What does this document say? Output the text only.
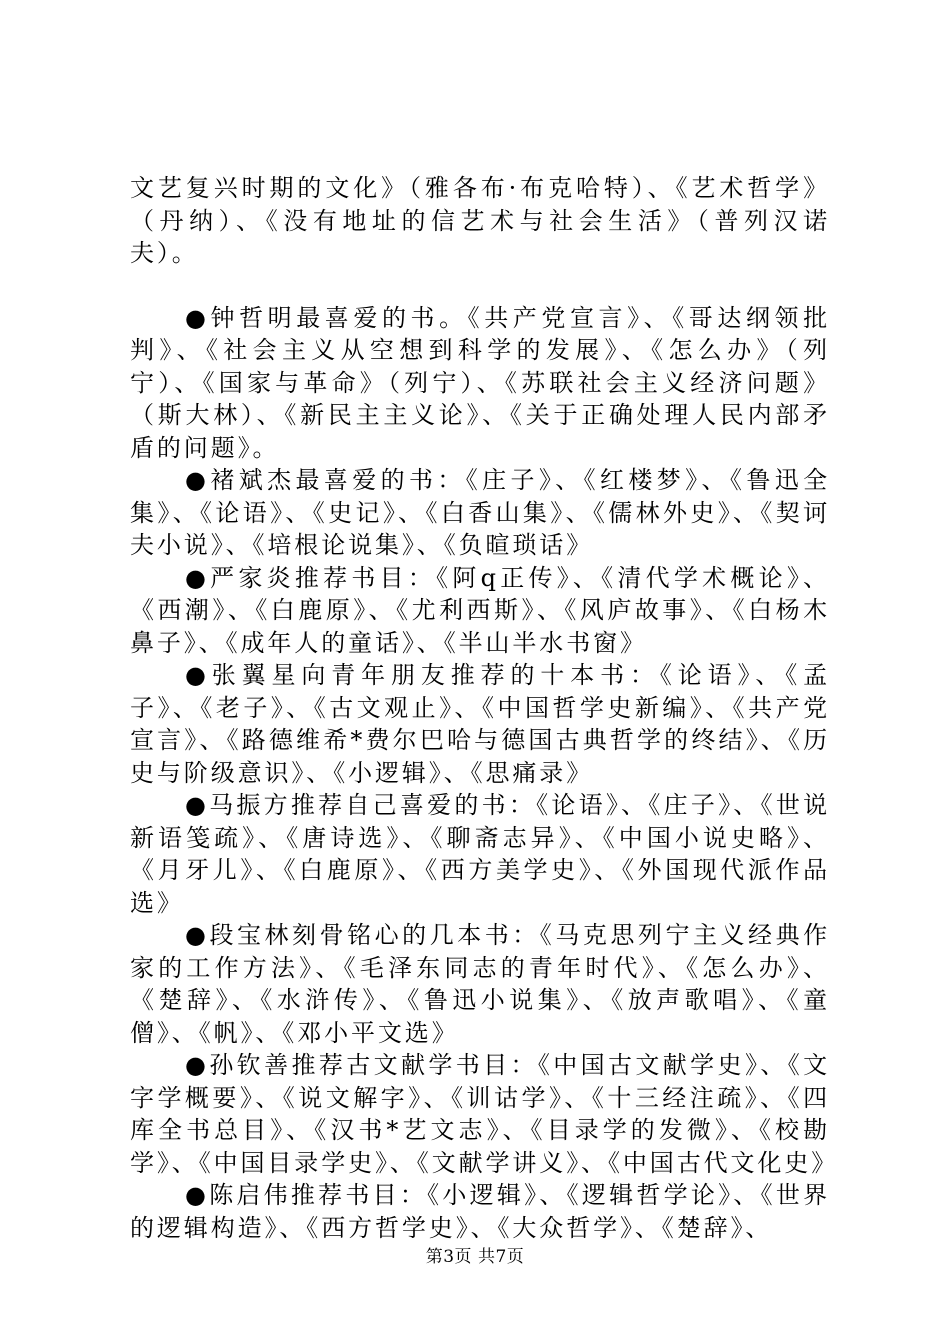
文艺复兴时期的文化》（雅各布·布克哈特）、《艺术哲学》（丹纳）、《没有地址的信艺术与社会生活》（普列汉诺夫）。

●钟哲明最喜爱的书。《共产党宣言》、《哥达纲领批判》、《社会主义从空想到科学的发展》、《怎么办》（列宁）、《国家与革命》（列宁）、《苏联社会主义经济问题》（斯大林）、《新民主主义论》、《关于正确处理人民内部矛盾的问题》。

●褚斌杰最喜爱的书：《庄子》、《红楼梦》、《鲁迅全集》、《论语》、《史记》、《白香山集》、《儒林外史》、《契诃夫小说》、《培根论说集》、《负暄琐话》

●严家炎推荐书目：《阿q正传》、《清代学术概论》、《西潮》、《白鹿原》、《尤利西斯》、《风庐故事》、《白杨木鼻子》、《成年人的童话》、《半山半水书窗》

●张翼星向青年朋友推荐的十本书：《论语》、《孟子》、《老子》、《古文观止》、《中国哲学史新编》、《共产党宣言》、《路德维希*费尔巴哈与德国古典哲学的终结》、《历史与阶级意识》、《小逻辑》、《思痛录》

●马振方推荐自己喜爱的书：《论语》、《庄子》、《世说新语笺疏》、《唐诗选》、《聊斋志异》、《中国小说史略》、《月牙儿》、《白鹿原》、《西方美学史》、《外国现代派作品选》

●段宝林刻骨铭心的几本书：《马克思列宁主义经典作家的工作方法》、《毛泽东同志的青年时代》、《怎么办》、《楚辞》、《水浒传》、《鲁迅小说集》、《放声歌唱》、《童僧》、《帆》、《邓小平文选》

●孙钦善推荐古文献学书目：《中国古文献学史》、《文字学概要》、《说文解字》、《训诂学》、《十三经注疏》、《四库全书总目》、《汉书*艺文志》、《目录学的发微》、《校勘学》、《中国目录学史》、《文献学讲义》、《中国古代文化史》

●陈启伟推荐书目：《小逻辑》、《逻辑哲学论》、《世界的逻辑构造》、《西方哲学史》、《大众哲学》、《楚辞》、

第3页 共7页
